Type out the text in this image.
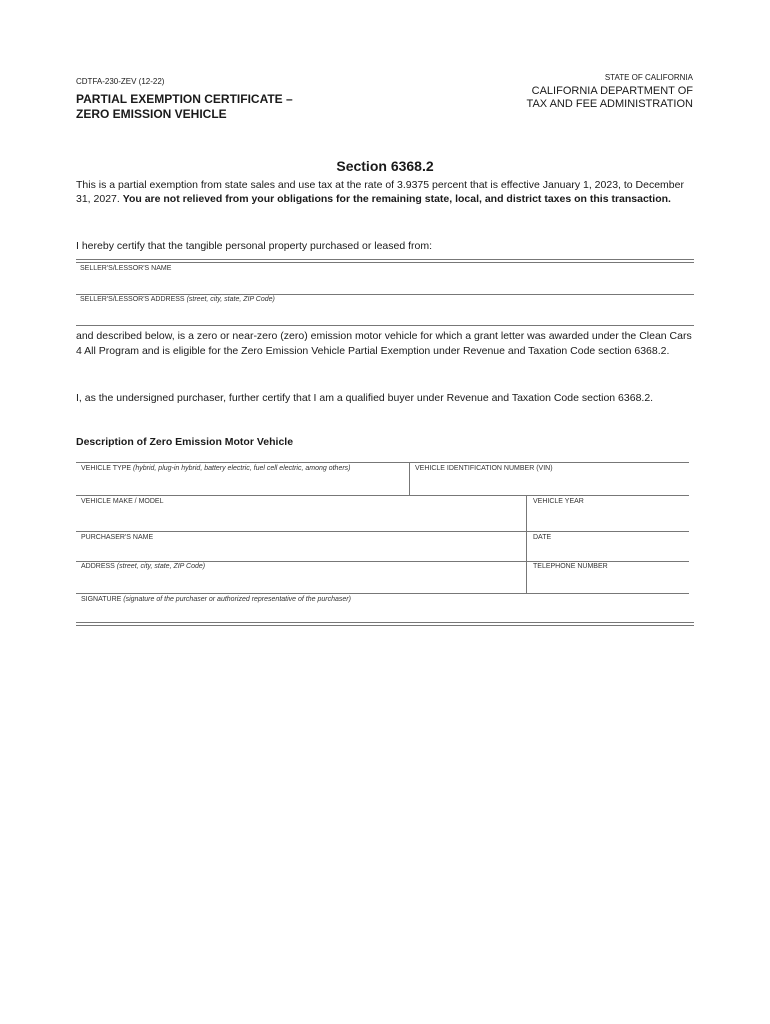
CDTFA-230-ZEV (12-22)
PARTIAL EXEMPTION CERTIFICATE –
ZERO EMISSION VEHICLE
STATE OF CALIFORNIA
CALIFORNIA DEPARTMENT OF
TAX AND FEE ADMINISTRATION
Section 6368.2

This is a partial exemption from state sales and use tax at the rate of 3.9375 percent that is effective January 1, 2023, to December 31, 2027. You are not relieved from your obligations for the remaining state, local, and district taxes on this transaction.

I hereby certify that the tangible personal property purchased or leased from:

SELLER'S/LESSOR'S NAME
SELLER'S/LESSOR'S ADDRESS (street, city, state, ZIP Code)

and described below, is a zero or near-zero (zero) emission motor vehicle for which a grant letter was awarded under the Clean Cars 4 All Program and is eligible for the Zero Emission Vehicle Partial Exemption under Revenue and Taxation Code section 6368.2.

I, as the undersigned purchaser, further certify that I am a qualified buyer under Revenue and Taxation Code section 6368.2.

Description of Zero Emission Motor Vehicle
VEHICLE TYPE (hybrid, plug-in hybrid, battery electric, fuel cell electric, among others)	VEHICLE IDENTIFICATION NUMBER (VIN)
VEHICLE MAKE / MODEL	VEHICLE YEAR
PURCHASER'S NAME	DATE
ADDRESS (street, city, state, ZIP Code)	TELEPHONE NUMBER
SIGNATURE (signature of the purchaser or authorized representative of the purchaser)
